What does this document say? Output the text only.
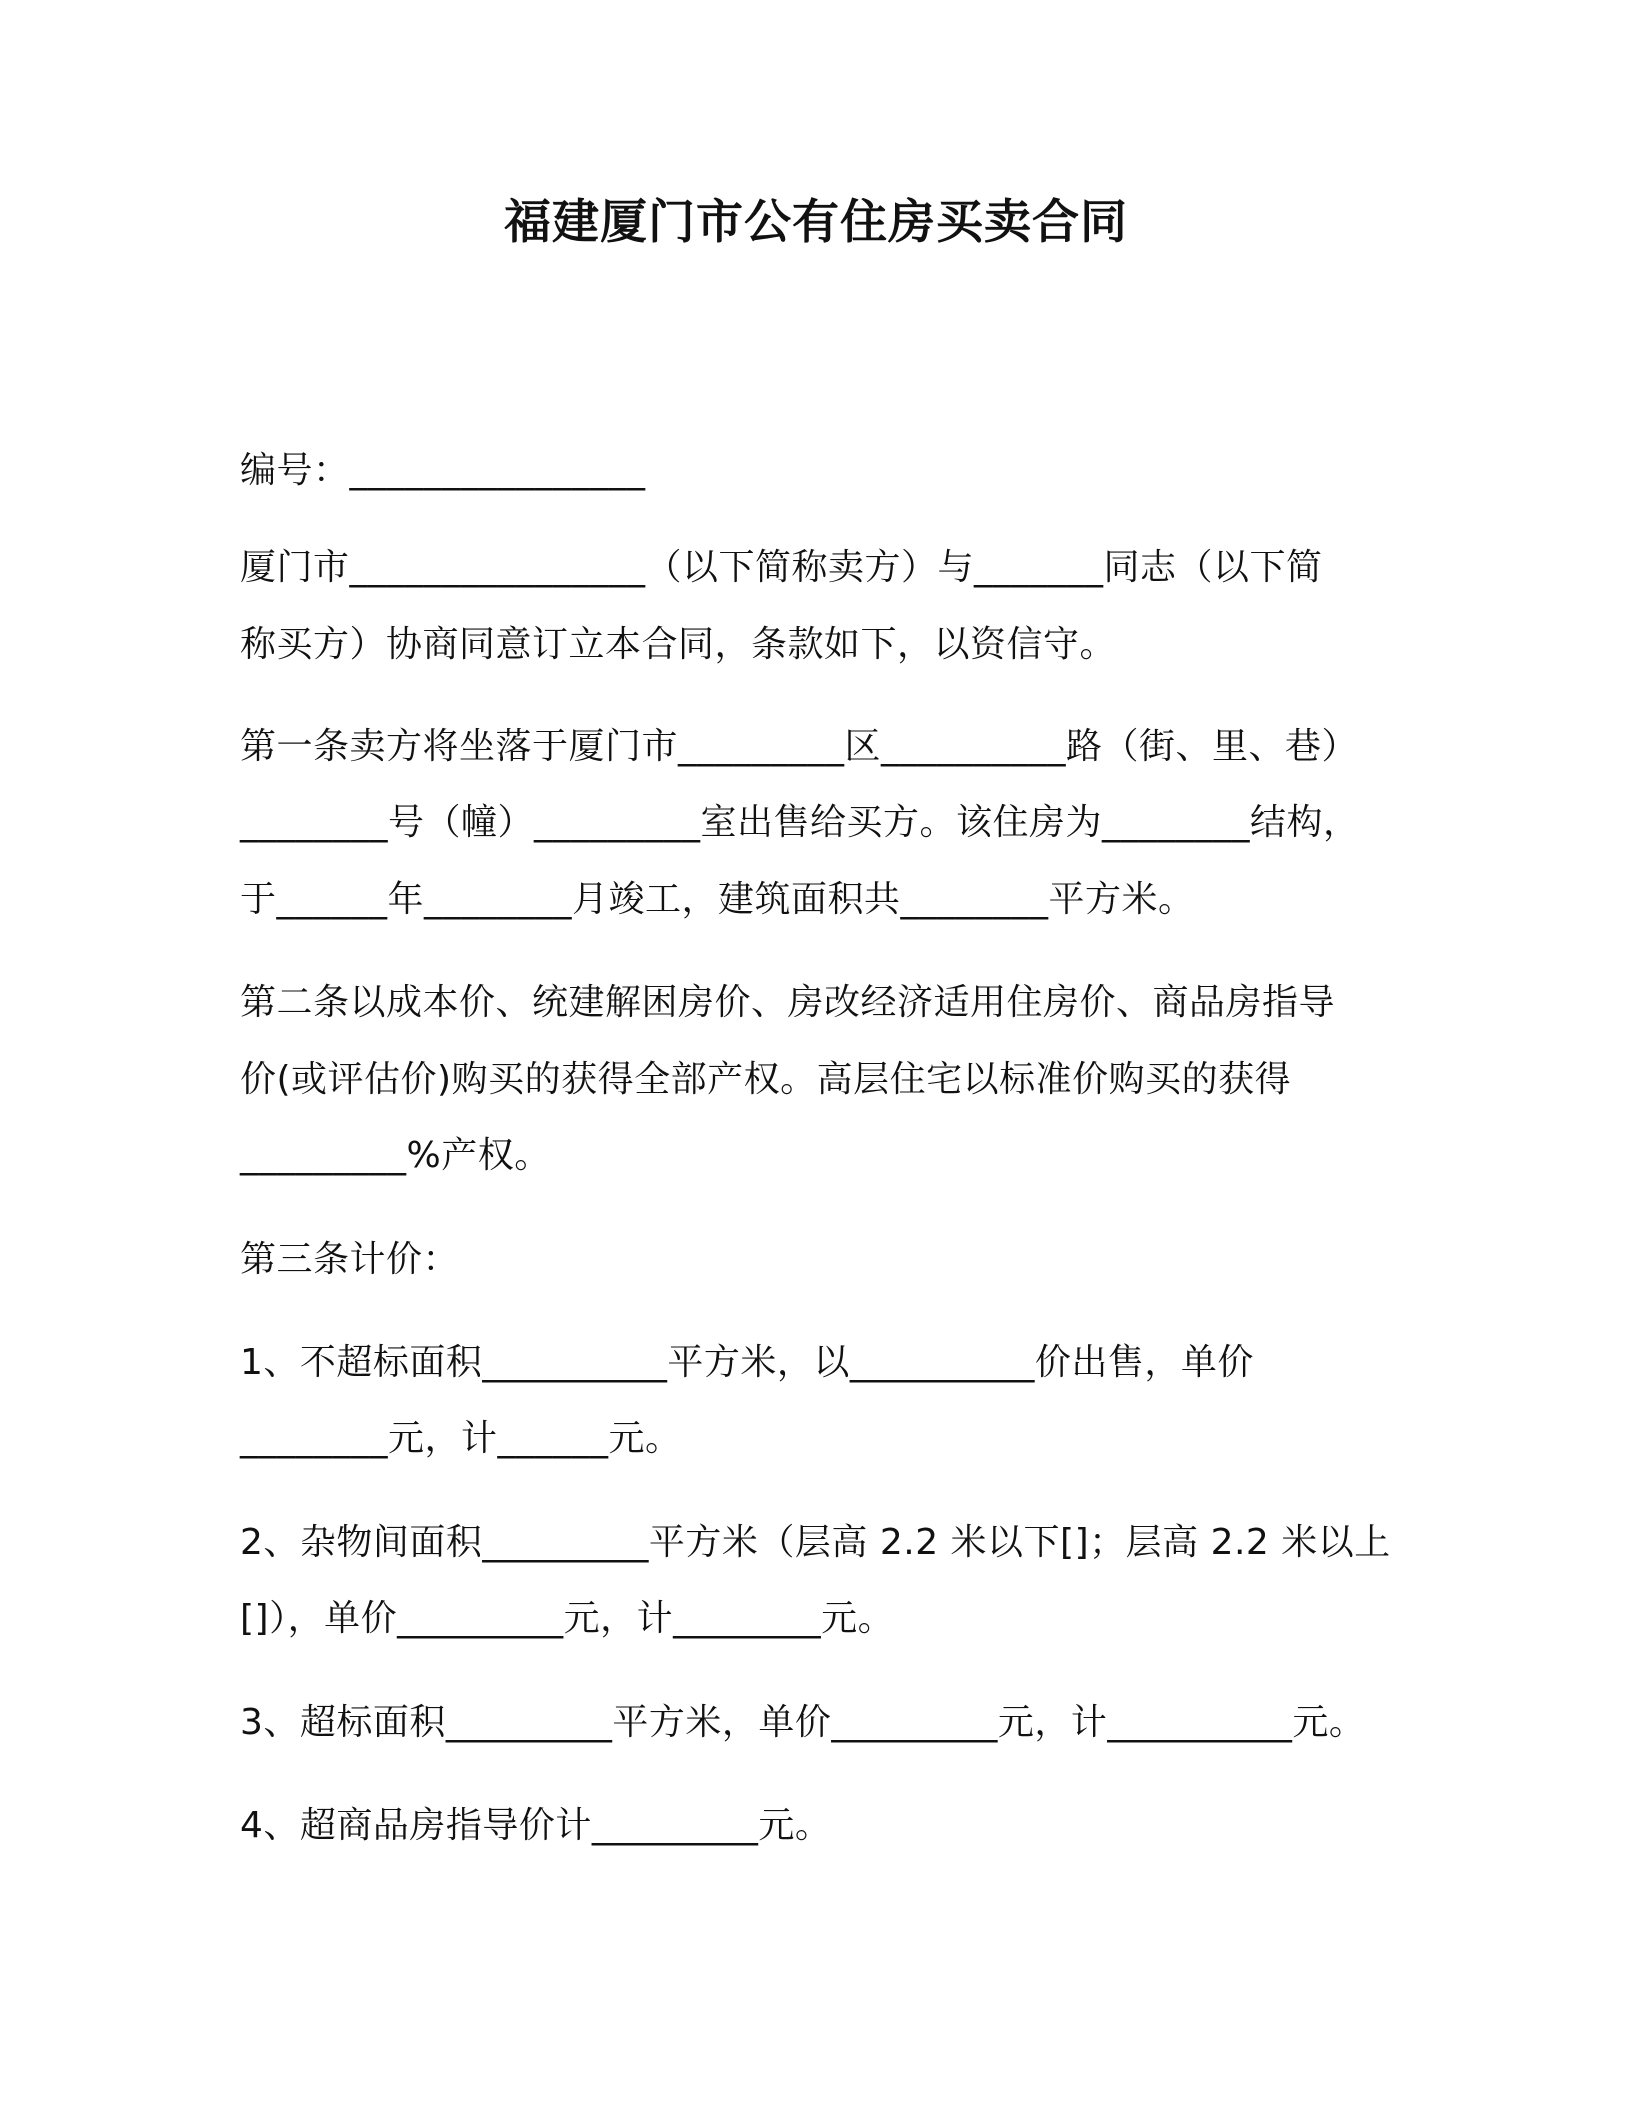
福建厦门市公有住房买卖合同
编号：________________
厦门市________________（以下简称卖方）与_______同志（以下简
称买方）协商同意订立本合同，条款如下，以资信守。
第一条卖方将坐落于厦门市_________区__________路（街、里、巷）
________号（幢）_________室出售给买方。该住房为________结构，
于______年________月竣工，建筑面积共________平方米。
第二条以成本价、统建解困房价、房改经济适用住房价、商品房指导
价(或评估价)购买的获得全部产权。高层住宅以标准价购买的获得
_________%产权。
第三条计价：
1、不超标面积__________平方米，以__________价出售，单价
________元，计______元。
2、杂物间面积_________平方米（层高 2.2 米以下[]；层高 2.2 米以上
[]），单价_________元，计________元。
3、超标面积_________平方米，单价_________元，计__________元。
4、超商品房指导价计_________元。
